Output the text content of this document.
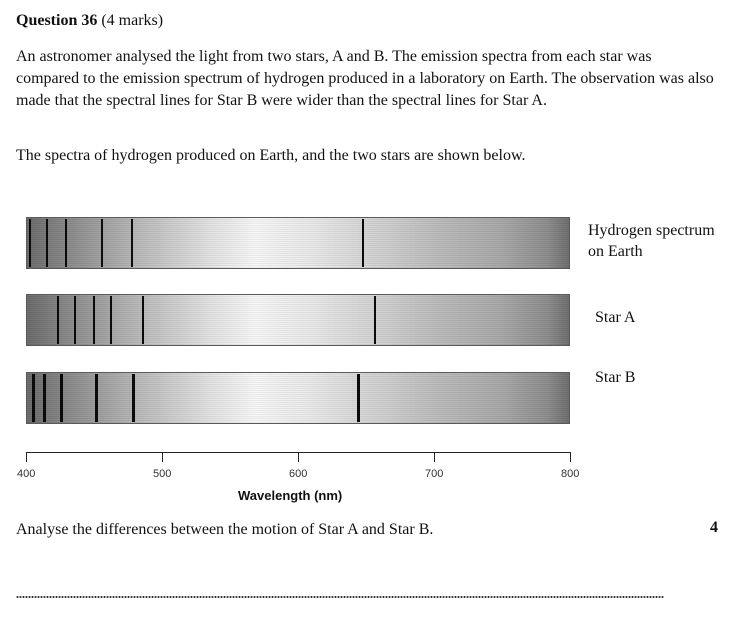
Question 36 (4 marks)

An astronomer analysed the light from two stars, A and B. The emission spectra from each star was compared to the emission spectrum of hydrogen produced in a laboratory on Earth. The observation was also made that the spectral lines for Star B were wider than the spectral lines for Star A.

The spectra of hydrogen produced on Earth, and the two stars are shown below.

Hydrogen spectrum
on Earth
Star A
Star B
400	500	600	700	800
Wavelength (nm)
Analyse the differences between the motion of Star A and Star B.	4
